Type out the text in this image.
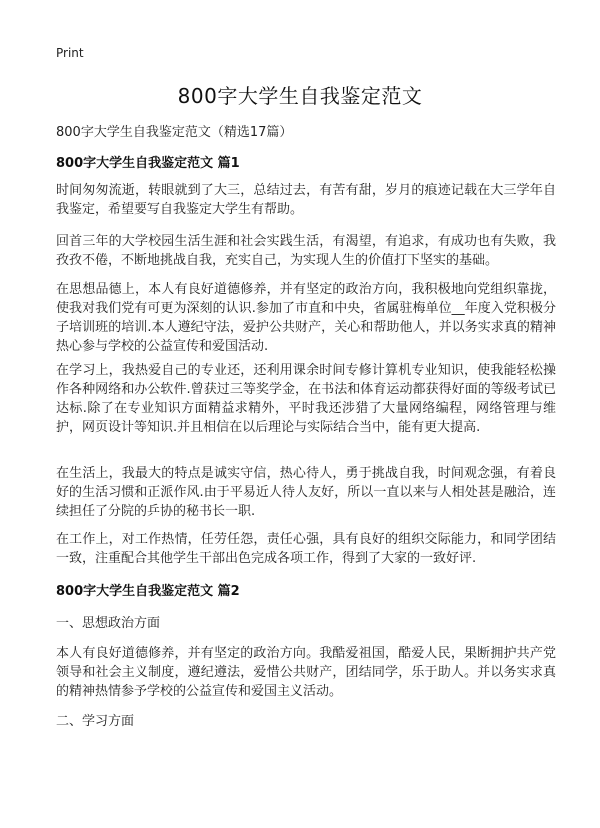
Print
800字大学生自我鉴定范文
800字大学生自我鉴定范文（精选17篇）
800字大学生自我鉴定范文 篇1
时间匆匆流逝，转眼就到了大三，总结过去，有苦有甜，岁月的痕迹记载在大三学年自我鉴定，希望要写自我鉴定大学生有帮助。
回首三年的大学校园生活生涯和社会实践生活，有渴望，有追求，有成功也有失败，我孜孜不倦，不断地挑战自我，充实自己，为实现人生的价值打下坚实的基础。
在思想品德上，本人有良好道德修养，并有坚定的政治方向，我积极地向党组织靠拢，使我对我们党有可更为深刻的认识.参加了市直和中央，省属驻梅单位__年度入党积极分子培训班的培训.本人遵纪守法，爱护公共财产，关心和帮助他人，并以务实求真的精神热心参与学校的公益宣传和爱国活动.
在学习上，我热爱自己的专业还，还利用课余时间专修计算机专业知识，使我能轻松操作各种网络和办公软件.曾获过三等奖学金，在书法和体育运动都获得好面的等级考试已达标.除了在专业知识方面精益求精外，平时我还涉猎了大量网络编程，网络管理与维护，网页设计等知识.并且相信在以后理论与实际结合当中，能有更大提高.
在生活上，我最大的特点是诚实守信，热心待人，勇于挑战自我，时间观念强，有着良好的生活习惯和正派作风.由于平易近人待人友好，所以一直以来与人相处甚是融洽，连续担任了分院的乒协的秘书长一职.
在工作上，对工作热情，任劳任怨，责任心强，具有良好的组织交际能力，和同学团结一致，注重配合其他学生干部出色完成各项工作，得到了大家的一致好评.
800字大学生自我鉴定范文 篇2
一、思想政治方面
本人有良好道德修养，并有坚定的政治方向。我酷爱祖国，酷爱人民，果断拥护共产党领导和社会主义制度，遵纪遵法，爱惜公共财产，团结同学，乐于助人。并以务实求真的精神热情参予学校的公益宣传和爱国主义活动。
二、学习方面
